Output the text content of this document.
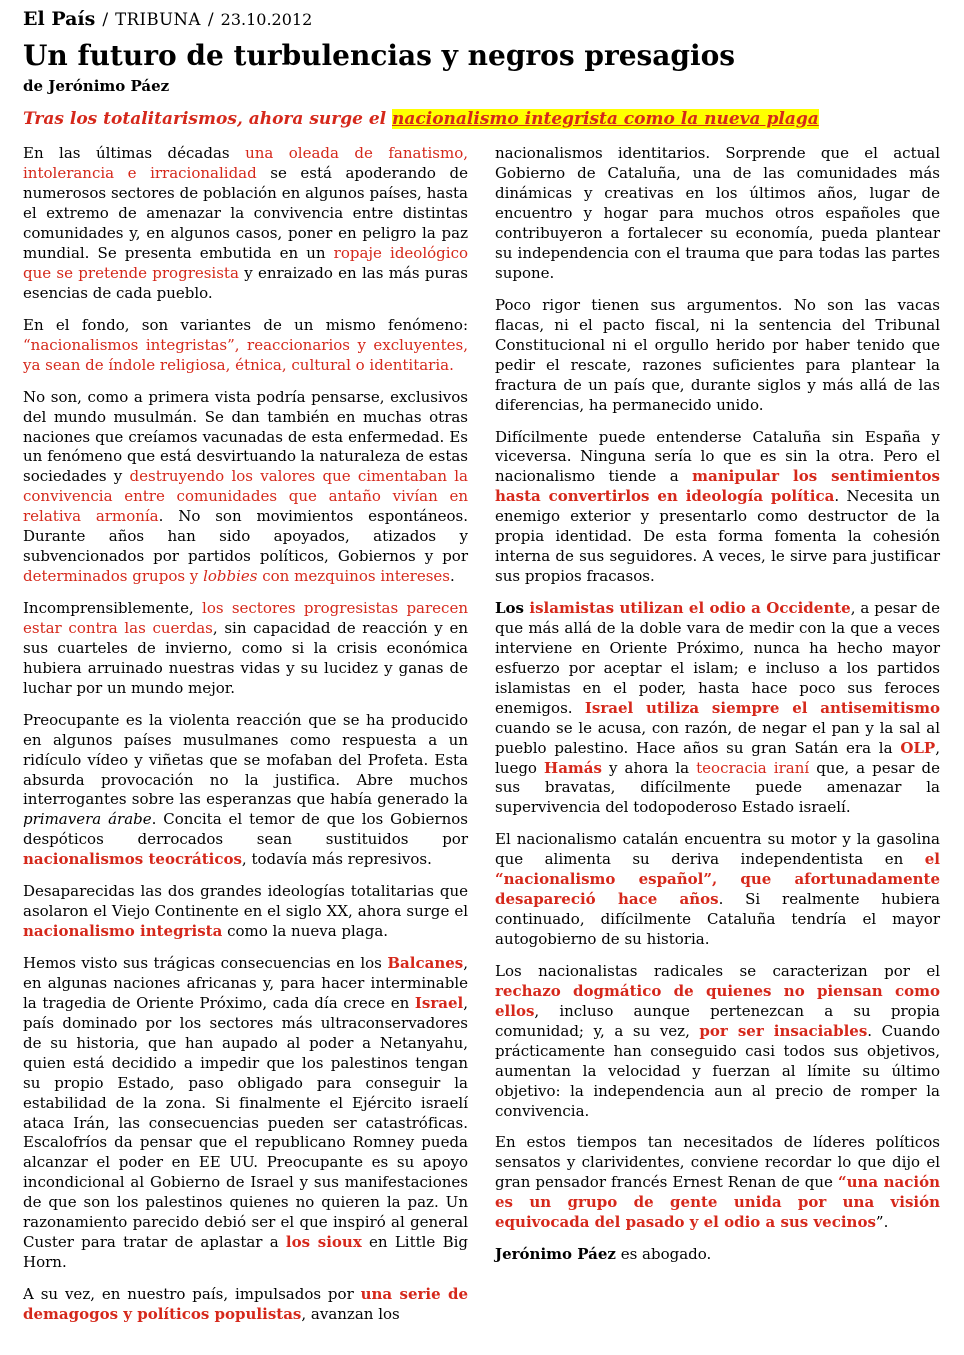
El País / TRIBUNA / 23.10.2012
Un futuro de turbulencias y negros presagios
de Jerónimo Páez

Tras los totalitarismos, ahora surge el nacionalismo integrista como la nueva plaga

En las últimas décadas una oleada de fanatismo, intolerancia e irracionalidad se está apoderando de numerosos sectores de población en algunos países, hasta el extremo de amenazar la convivencia entre distintas comunidades y, en algunos casos, poner en peligro la paz mundial. Se presenta embutida en un ropaje ideológico que se pretende progresista y enraizado en las más puras esencias de cada pueblo.

En el fondo, son variantes de un mismo fenómeno: “nacionalismos integristas”, reaccionarios y excluyentes, ya sean de índole religiosa, étnica, cultural o identitaria.

No son, como a primera vista podría pensarse, exclusivos del mundo musulmán. Se dan también en muchas otras naciones que creíamos vacunadas de esta enfermedad. Es un fenómeno que está desvirtuando la naturaleza de estas sociedades y destruyendo los valores que cimentaban la convivencia entre comunidades que antaño vivían en relativa armonía. No son movimientos espontáneos. Durante años han sido apoyados, atizados y subvencionados por partidos políticos, Gobiernos y por determinados grupos y lobbies con mezquinos intereses.

Incomprensiblemente, los sectores progresistas parecen estar contra las cuerdas, sin capacidad de reacción y en sus cuarteles de invierno, como si la crisis económica hubiera arruinado nuestras vidas y su lucidez y ganas de luchar por un mundo mejor.

Preocupante es la violenta reacción que se ha producido en algunos países musulmanes como respuesta a un ridículo vídeo y viñetas que se mofaban del Profeta. Esta absurda provocación no la justifica. Abre muchos interrogantes sobre las esperanzas que había generado la primavera árabe. Concita el temor de que los Gobiernos despóticos derrocados sean sustituidos por nacionalismos teocráticos, todavía más represivos.

Desaparecidas las dos grandes ideologías totalitarias que asolaron el Viejo Continente en el siglo XX, ahora surge el nacionalismo integrista como la nueva plaga.

Hemos visto sus trágicas consecuencias en los Balcanes, en algunas naciones africanas y, para hacer interminable la tragedia de Oriente Próximo, cada día crece en Israel, país dominado por los sectores más ultraconservadores de su historia, que han aupado al poder a Netanyahu, quien está decidido a impedir que los palestinos tengan su propio Estado, paso obligado para conseguir la estabilidad de la zona. Si finalmente el Ejército israelí ataca Irán, las consecuencias pueden ser catastróficas. Escalofríos da pensar que el republicano Romney pueda alcanzar el poder en EE UU. Preocupante es su apoyo incondicional al Gobierno de Israel y sus manifestaciones de que son los palestinos quienes no quieren la paz. Un razonamiento parecido debió ser el que inspiró al general Custer para tratar de aplastar a los sioux en Little Big Horn.

A su vez, en nuestro país, impulsados por una serie de demagogos y políticos populistas, avanzan los

nacionalismos identitarios. Sorprende que el actual Gobierno de Cataluña, una de las comunidades más dinámicas y creativas en los últimos años, lugar de encuentro y hogar para muchos otros españoles que contribuyeron a fortalecer su economía, pueda plantear su independencia con el trauma que para todas las partes supone.

Poco rigor tienen sus argumentos. No son las vacas flacas, ni el pacto fiscal, ni la sentencia del Tribunal Constitucional ni el orgullo herido por haber tenido que pedir el rescate, razones suficientes para plantear la fractura de un país que, durante siglos y más allá de las diferencias, ha permanecido unido.

Difícilmente puede entenderse Cataluña sin España y viceversa. Ninguna sería lo que es sin la otra. Pero el nacionalismo tiende a manipular los sentimientos hasta convertirlos en ideología política. Necesita un enemigo exterior y presentarlo como destructor de la propia identidad. De esta forma fomenta la cohesión interna de sus seguidores. A veces, le sirve para justificar sus propios fracasos.

Los islamistas utilizan el odio a Occidente, a pesar de que más allá de la doble vara de medir con la que a veces interviene en Oriente Próximo, nunca ha hecho mayor esfuerzo por aceptar el islam; e incluso a los partidos islamistas en el poder, hasta hace poco sus feroces enemigos. Israel utiliza siempre el antisemitismo cuando se le acusa, con razón, de negar el pan y la sal al pueblo palestino. Hace años su gran Satán era la OLP, luego Hamás y ahora la teocracia iraní que, a pesar de sus bravatas, difícilmente puede amenazar la supervivencia del todopoderoso Estado israelí.

El nacionalismo catalán encuentra su motor y la gasolina que alimenta su deriva independentista en el “nacionalismo español”, que afortunadamente desapareció hace años. Si realmente hubiera continuado, difícilmente Cataluña tendría el mayor autogobierno de su historia.

Los nacionalistas radicales se caracterizan por el rechazo dogmático de quienes no piensan como ellos, incluso aunque pertenezcan a su propia comunidad; y, a su vez, por ser insaciables. Cuando prácticamente han conseguido casi todos sus objetivos, aumentan la velocidad y fuerzan al límite su último objetivo: la independencia aun al precio de romper la convivencia.

En estos tiempos tan necesitados de líderes políticos sensatos y clarividentes, conviene recordar lo que dijo el gran pensador francés Ernest Renan de que “una nación es un grupo de gente unida por una visión equivocada del pasado y el odio a sus vecinos”.

Jerónimo Páez es abogado.
